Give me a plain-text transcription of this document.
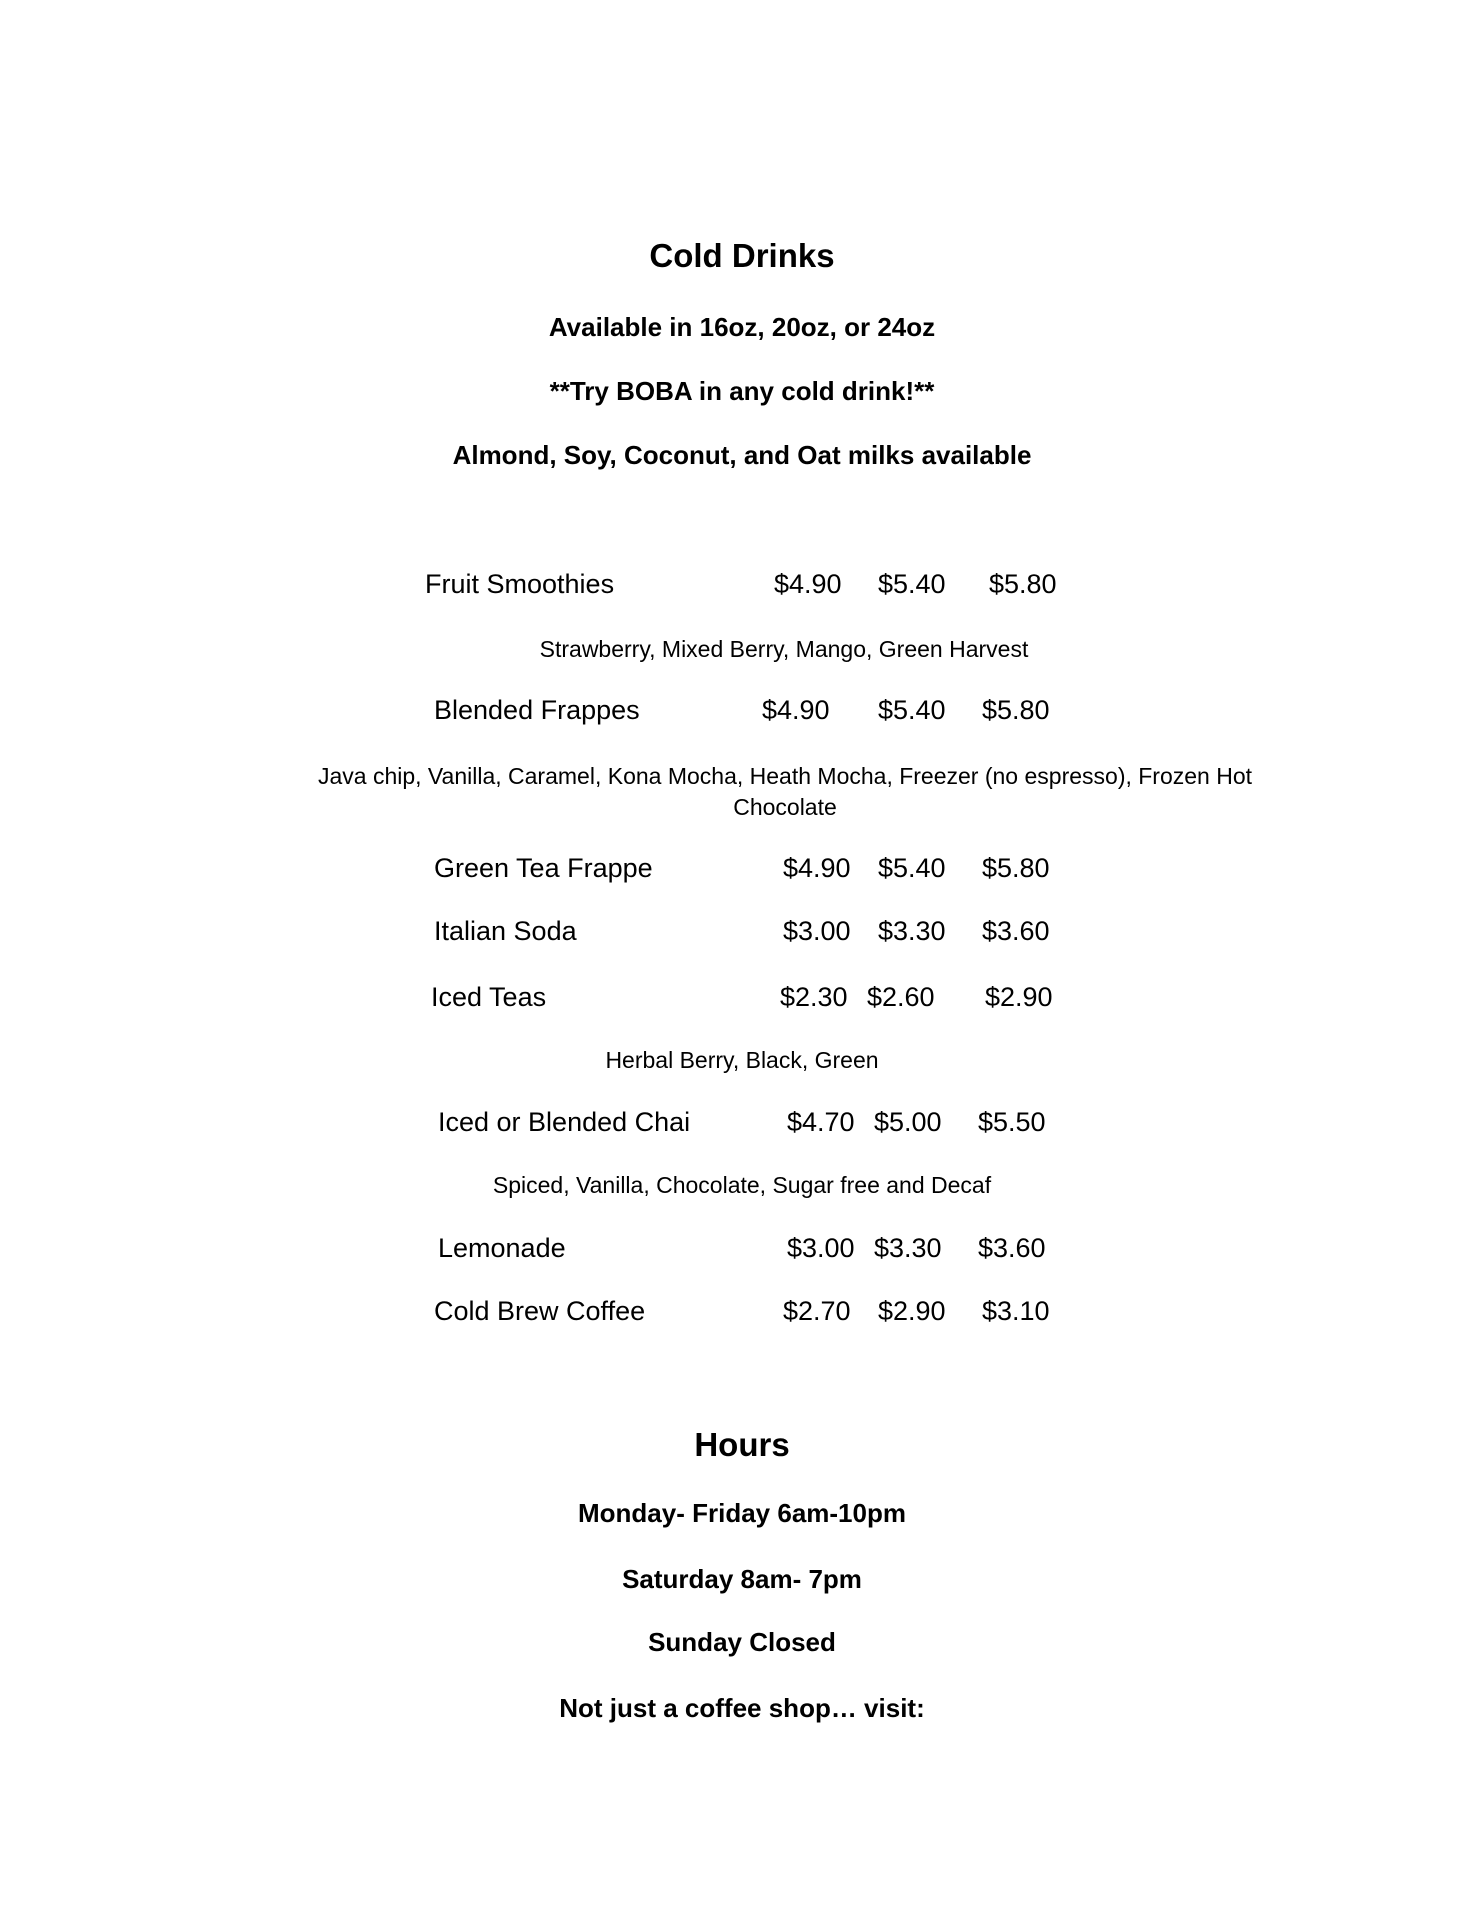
Cold Drinks

Available in 16oz, 20oz, or 24oz

**Try BOBA in any cold drink!**

Almond, Soy, Coconut, and Oat milks available

Fruit Smoothies	$4.90 $5.40 $5.80

Strawberry, Mixed Berry, Mango, Green Harvest

Blended Frappes	$4.90 $5.40 $5.80

Java chip, Vanilla, Caramel, Kona Mocha, Heath Mocha, Freezer (no espresso), Frozen Hot Chocolate

Green Tea Frappe	$4.90 $5.40 $5.80

Italian Soda	$3.00 $3.30 $3.60

Iced Teas	$2.30 $2.60 $2.90

Herbal Berry, Black, Green

Iced or Blended Chai	$4.70 $5.00 $5.50

Spiced, Vanilla, Chocolate, Sugar free and Decaf

Lemonade	$3.00 $3.30 $3.60

Cold Brew Coffee	$2.70 $2.90 $3.10

Hours

Monday- Friday 6am-10pm

Saturday 8am- 7pm

Sunday Closed

Not just a coffee shop… visit:
